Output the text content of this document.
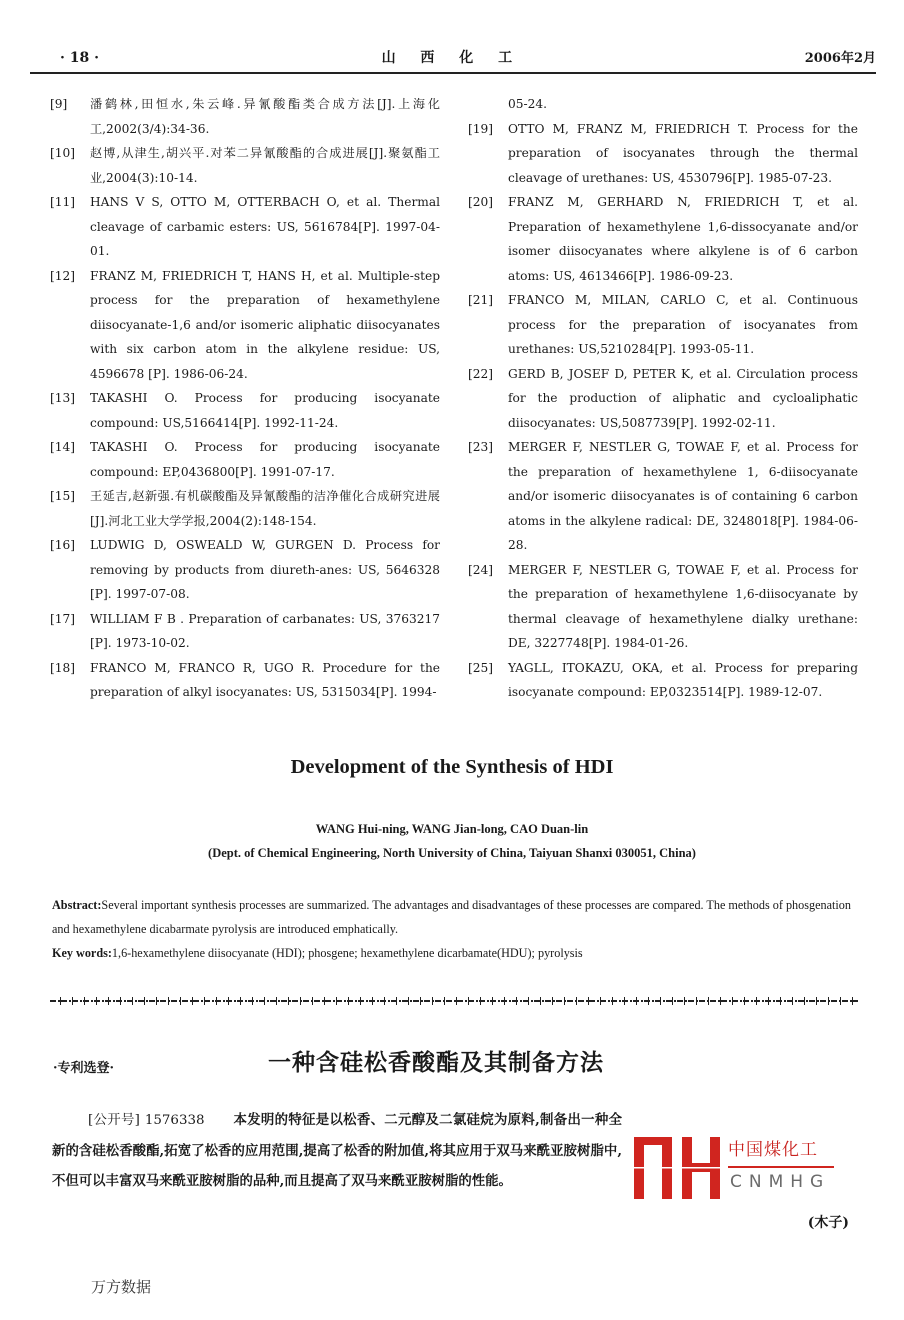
· 18 ·	山 西 化 工	2006年2月
[9] 潘鹤林,田恒水,朱云峰.异氰酸酯类合成方法[J].上海化工,2002(3/4):34-36.
[10] 赵博,从津生,胡兴平.对苯二异氰酸酯的合成进展[J].聚氨酯工业,2004(3):10-14.
[11] HANS V S, OTTO M, OTTERBACH O, et al. Thermal cleavage of carbamic esters: US, 5616784[P]. 1997-04-01.
[12] FRANZ M, FRIEDRICH T, HANS H, et al. Multiple-step process for the preparation of hexamethylene diisocyanate-1,6 and/or isomeric aliphatic diisocyanates with six carbon atom in the alkylene residue: US, 4596678 [P]. 1986-06-24.
[13] TAKASHI O. Process for producing isocyanate compound: US,5166414[P]. 1992-11-24.
[14] TAKASHI O. Process for producing isocyanate compound: EP,0436800[P]. 1991-07-17.
[15] 王延吉,赵新强.有机碳酸酯及异氰酸酯的洁净催化合成研究进展[J].河北工业大学学报,2004(2):148-154.
[16] LUDWIG D, OSWEALD W, GURGEN D. Process for removing by products from diureth-anes: US, 5646328 [P]. 1997-07-08.
[17] WILLIAM F B . Preparation of carbanates: US, 3763217 [P]. 1973-10-02.
[18] FRANCO M, FRANCO R, UGO R. Procedure for the preparation of alkyl isocyanates: US, 5315034[P]. 1994-
05-24.
[19] OTTO M, FRANZ M, FRIEDRICH T. Process for the preparation of isocyanates through the thermal cleavage of urethanes: US, 4530796[P]. 1985-07-23.
[20] FRANZ M, GERHARD N, FRIEDRICH T, et al. Preparation of hexamethylene 1,6-dissocyanate and/or isomer diisocyanates where alkylene is of 6 carbon atoms: US, 4613466[P]. 1986-09-23.
[21] FRANCO M, MILAN, CARLO C, et al. Continuous process for the preparation of isocyanates from urethanes: US,5210284[P]. 1993-05-11.
[22] GERD B, JOSEF D, PETER K, et al. Circulation process for the production of aliphatic and cycloaliphatic diisocyanates: US,5087739[P]. 1992-02-11.
[23] MERGER F, NESTLER G, TOWAE F, et al. Process for the preparation of hexamethylene 1, 6-diisocyanate and/or isomeric diisocyanates is of containing 6 carbon atoms in the alkylene radical: DE, 3248018[P]. 1984-06-28.
[24] MERGER F, NESTLER G, TOWAE F, et al. Process for the preparation of hexamethylene 1,6-diisocyanate by thermal cleavage of hexamethylene dialky urethane: DE, 3227748[P]. 1984-01-26.
[25] YAGLL, ITOKAZU, OKA, et al. Process for preparing isocyanate compound: EP,0323514[P]. 1989-12-07.
Development of the Synthesis of HDI
WANG Hui-ning, WANG Jian-long, CAO Duan-lin
(Dept. of Chemical Engineering, North University of China, Taiyuan Shanxi 030051, China)
Abstract:Several important synthesis processes are summarized. The advantages and disadvantages of these processes are compared. The methods of phosgenation and hexamethylene dicabarmate pyrolysis are introduced emphatically.
Key words:1,6-hexamethylene diisocyanate (HDI); phosgene; hexamethylene dicarbamate(HDU); pyrolysis
·专利选登·	一种含硅松香酸酯及其制备方法
中国煤化工
CNMHG
[公开号] 1576338 本发明的特征是以松香、二元醇及二氯硅烷为原料,制备出一种全新的含硅松香酸酯,拓宽了松香的应用范围,提高了松香的附加值,将其应用于双马来酰亚胺树脂中,不但可以丰富双马来酰亚胺树脂的品种,而且提高了双马来酰亚胺树脂的性能。
(木子)
万方数据
